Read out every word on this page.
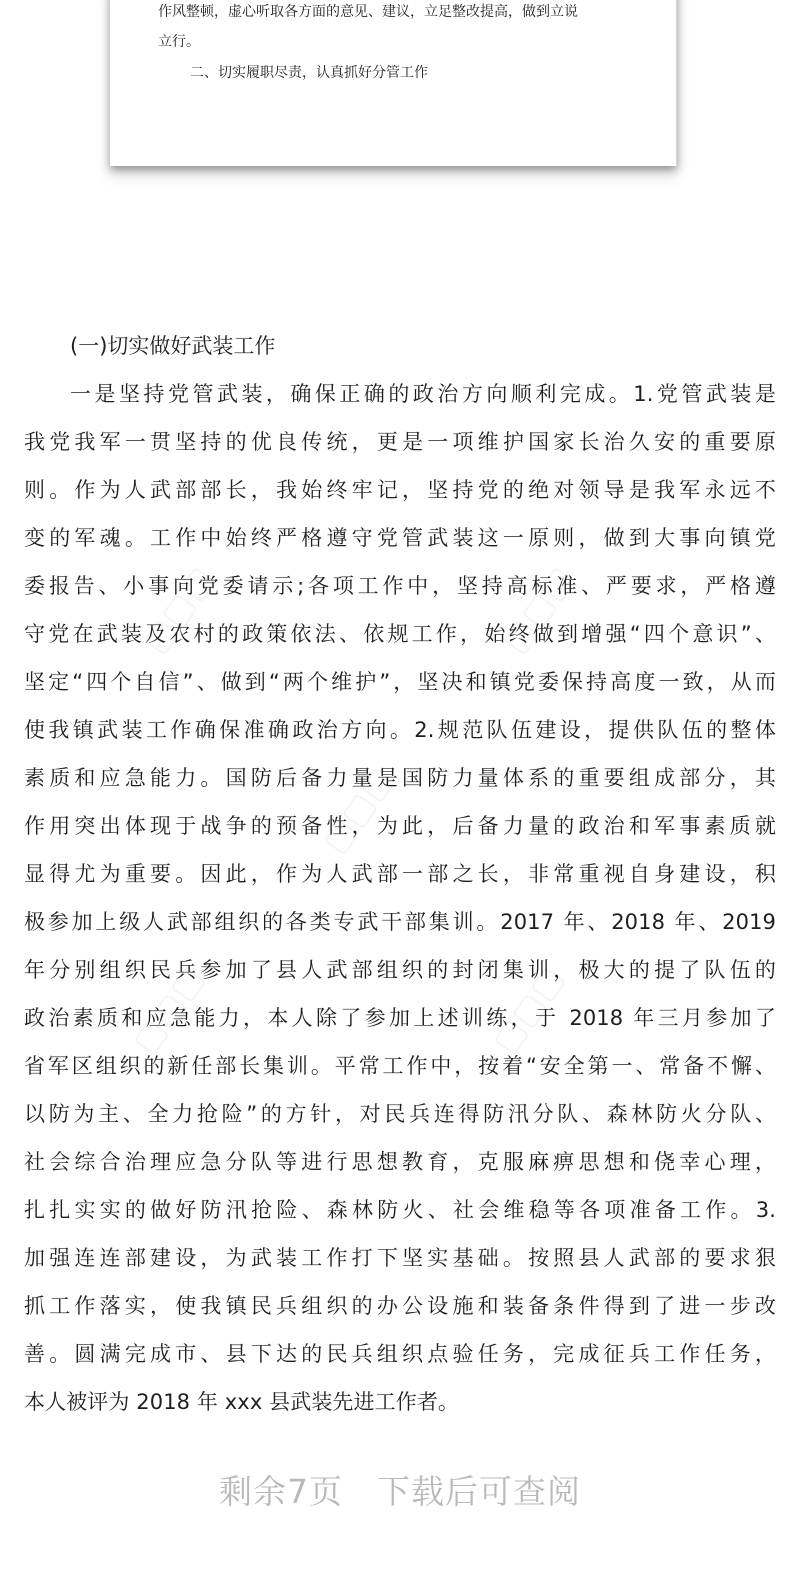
作风整顿，虚心听取各方面的意见、建议，立足整改提高，做到立说
立行。
二、切实履职尽责，认真抓好分管工作
(一)切实做好武装工作
一是坚持党管武装，确保正确的政治方向顺利完成。1.党管武装是
我党我军一贯坚持的优良传统，更是一项维护国家长治久安的重要原
则。作为人武部部长，我始终牢记，坚持党的绝对领导是我军永远不
变的军魂。工作中始终严格遵守党管武装这一原则，做到大事向镇党
委报告、小事向党委请示;各项工作中，坚持高标准、严要求，严格遵
守党在武装及农村的政策依法、依规工作，始终做到增强“四个意识”、
坚定“四个自信”、做到“两个维护”，坚决和镇党委保持高度一致，从而
使我镇武装工作确保准确政治方向。2.规范队伍建设，提供队伍的整体
素质和应急能力。国防后备力量是国防力量体系的重要组成部分，其
作用突出体现于战争的预备性，为此，后备力量的政治和军事素质就
显得尤为重要。因此，作为人武部一部之长，非常重视自身建设，积
极参加上级人武部组织的各类专武干部集训。2017 年、2018 年、2019
年分别组织民兵参加了县人武部组织的封闭集训，极大的提了队伍的
政治素质和应急能力，本人除了参加上述训练，于 2018 年三月参加了
省军区组织的新任部长集训。平常工作中，按着“安全第一、常备不懈、
以防为主、全力抢险”的方针，对民兵连得防汛分队、森林防火分队、
社会综合治理应急分队等进行思想教育，克服麻痹思想和侥幸心理，
扎扎实实的做好防汛抢险、森林防火、社会维稳等各项准备工作。3.
加强连连部建设，为武装工作打下坚实基础。按照县人武部的要求狠
抓工作落实，使我镇民兵组织的办公设施和装备条件得到了进一步改
善。圆满完成市、县下达的民兵组织点验任务，完成征兵工作任务，
本人被评为 2018 年 xxx 县武装先进工作者。
剩余7页 下载后可查阅
